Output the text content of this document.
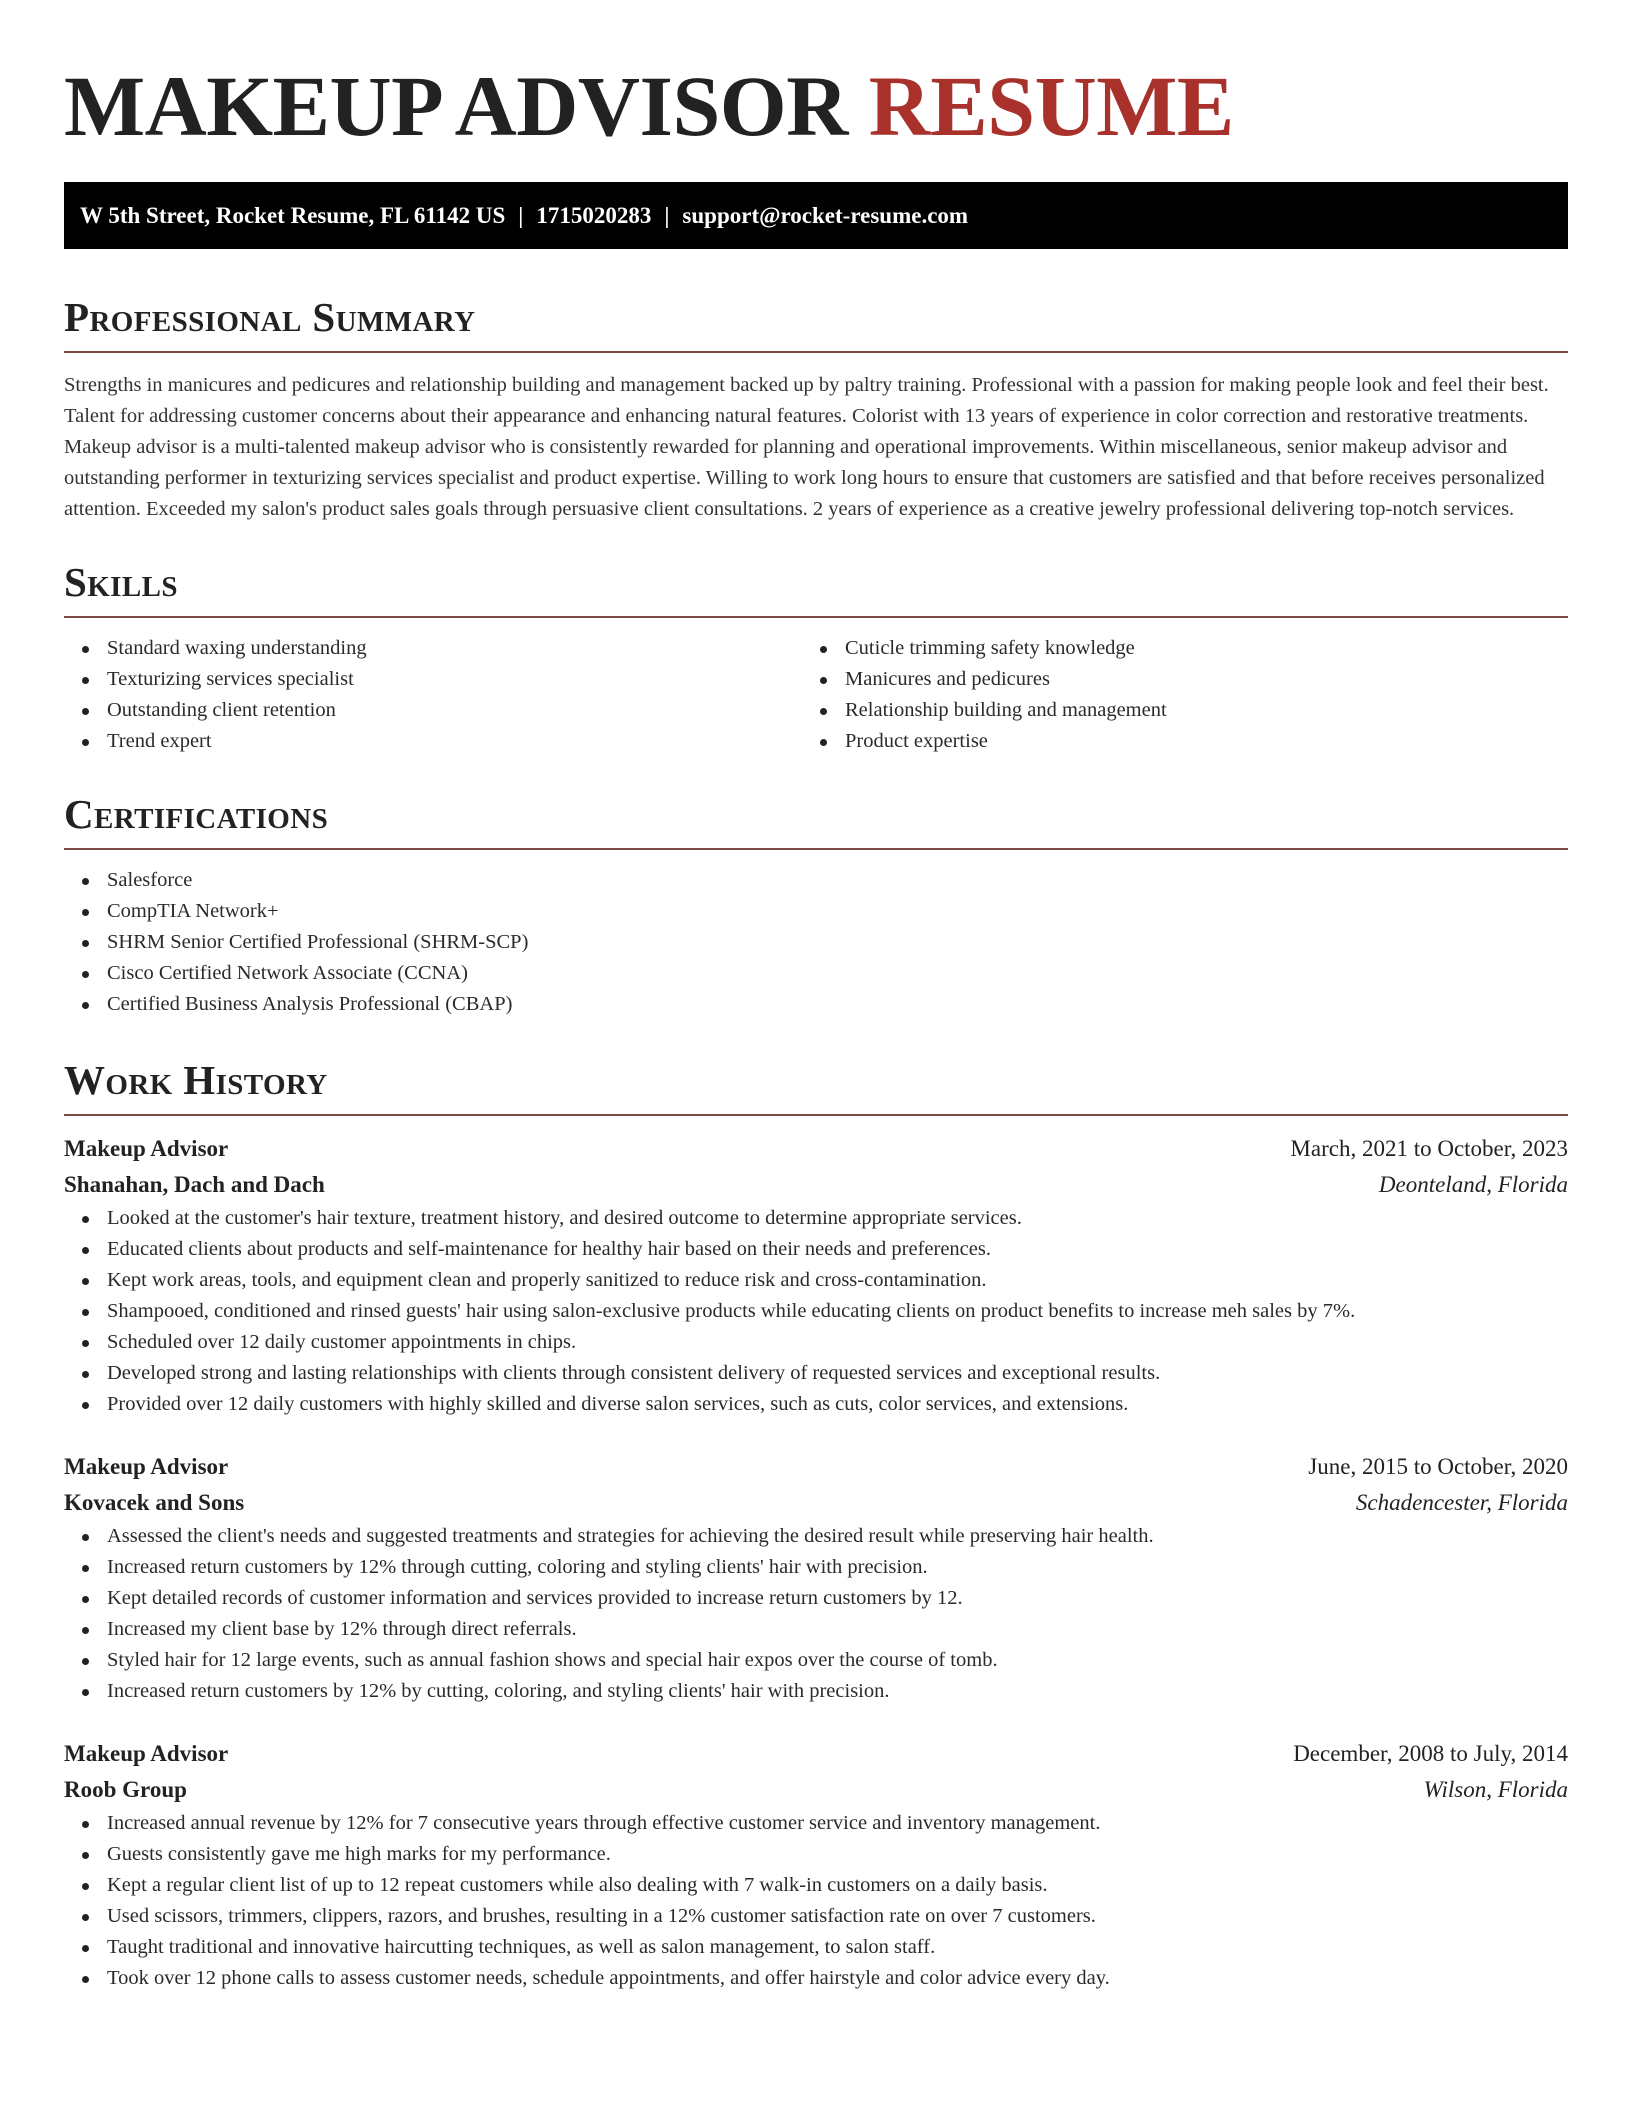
MAKEUP ADVISOR RESUME
W 5th Street, Rocket Resume, FL 61142 US | 1715020283 | support@rocket-resume.com
Professional Summary

Strengths in manicures and pedicures and relationship building and management backed up by paltry training. Professional with a passion for making people look and feel their best. Talent for addressing customer concerns about their appearance and enhancing natural features. Colorist with 13 years of experience in color correction and restorative treatments. Makeup advisor is a multi-talented makeup advisor who is consistently rewarded for planning and operational improvements. Within miscellaneous, senior makeup advisor and outstanding performer in texturizing services specialist and product expertise. Willing to work long hours to ensure that customers are satisfied and that before receives personalized attention. Exceeded my salon's product sales goals through persuasive client consultations. 2 years of experience as a creative jewelry professional delivering top-notch services.

Skills
Standard waxing understanding
Texturizing services specialist
Outstanding client retention
Trend expert
Cuticle trimming safety knowledge
Manicures and pedicures
Relationship building and management
Product expertise
Certifications
Salesforce
CompTIA Network+
SHRM Senior Certified Professional (SHRM-SCP)
Cisco Certified Network Associate (CCNA)
Certified Business Analysis Professional (CBAP)
Work History
Makeup Advisor	March, 2021 to October, 2023
Shanahan, Dach and Dach	Deonteland, Florida
Looked at the customer's hair texture, treatment history, and desired outcome to determine appropriate services.
Educated clients about products and self-maintenance for healthy hair based on their needs and preferences.
Kept work areas, tools, and equipment clean and properly sanitized to reduce risk and cross-contamination.
Shampooed, conditioned and rinsed guests' hair using salon-exclusive products while educating clients on product benefits to increase meh sales by 7%.
Scheduled over 12 daily customer appointments in chips.
Developed strong and lasting relationships with clients through consistent delivery of requested services and exceptional results.
Provided over 12 daily customers with highly skilled and diverse salon services, such as cuts, color services, and extensions.
Makeup Advisor	June, 2015 to October, 2020
Kovacek and Sons	Schadencester, Florida
Assessed the client's needs and suggested treatments and strategies for achieving the desired result while preserving hair health.
Increased return customers by 12% through cutting, coloring and styling clients' hair with precision.
Kept detailed records of customer information and services provided to increase return customers by 12.
Increased my client base by 12% through direct referrals.
Styled hair for 12 large events, such as annual fashion shows and special hair expos over the course of tomb.
Increased return customers by 12% by cutting, coloring, and styling clients' hair with precision.
Makeup Advisor	December, 2008 to July, 2014
Roob Group	Wilson, Florida
Increased annual revenue by 12% for 7 consecutive years through effective customer service and inventory management.
Guests consistently gave me high marks for my performance.
Kept a regular client list of up to 12 repeat customers while also dealing with 7 walk-in customers on a daily basis.
Used scissors, trimmers, clippers, razors, and brushes, resulting in a 12% customer satisfaction rate on over 7 customers.
Taught traditional and innovative haircutting techniques, as well as salon management, to salon staff.
Took over 12 phone calls to assess customer needs, schedule appointments, and offer hairstyle and color advice every day.
